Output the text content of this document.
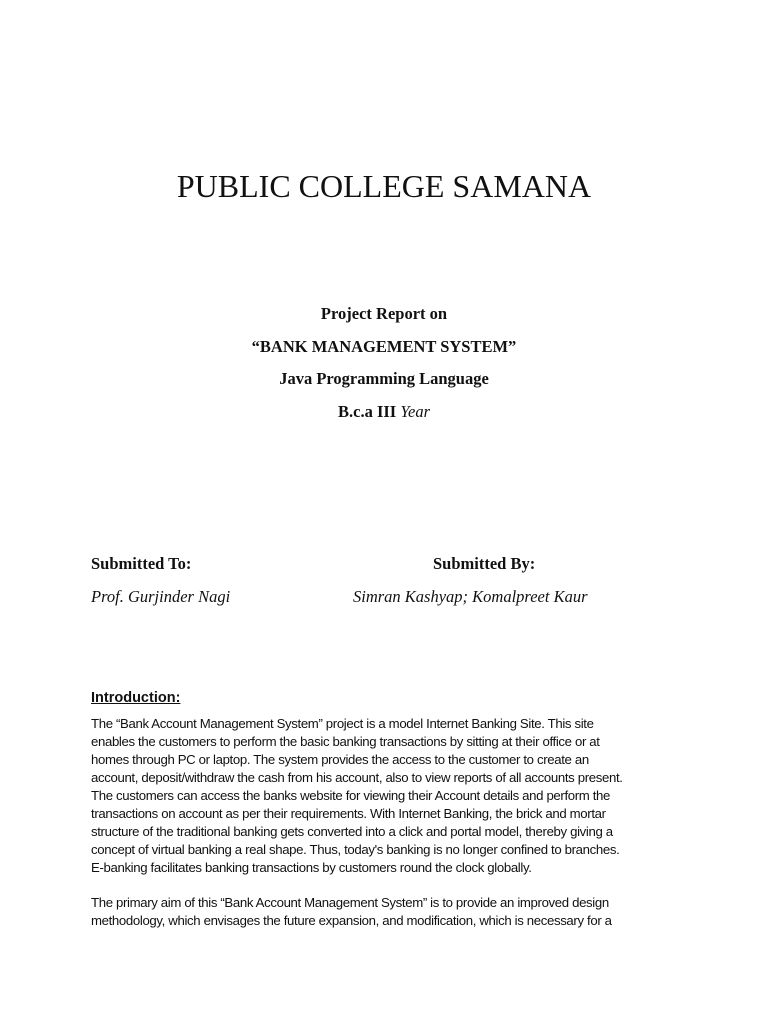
PUBLIC COLLEGE SAMANA
Project Report on
“BANK MANAGEMENT SYSTEM”
Java Programming Language
B.c.a III Year
Submitted To:	Submitted By:
Prof. Gurjinder Nagi	Simran Kashyap; Komalpreet Kaur
Introduction:
The “Bank Account Management System” project is a model Internet Banking Site. This site
enables the customers to perform the basic banking transactions by sitting at their office or at
homes through PC or laptop. The system provides the access to the customer to create an
account, deposit/withdraw the cash from his account, also to view reports of all accounts present.
The customers can access the banks website for viewing their Account details and perform the
transactions on account as per their requirements. With Internet Banking, the brick and mortar
structure of the traditional banking gets converted into a click and portal model, thereby giving a
concept of virtual banking a real shape. Thus, today's banking is no longer confined to branches.
E-banking facilitates banking transactions by customers round the clock globally.
The primary aim of this “Bank Account Management System” is to provide an improved design
methodology, which envisages the future expansion, and modification, which is necessary for a
